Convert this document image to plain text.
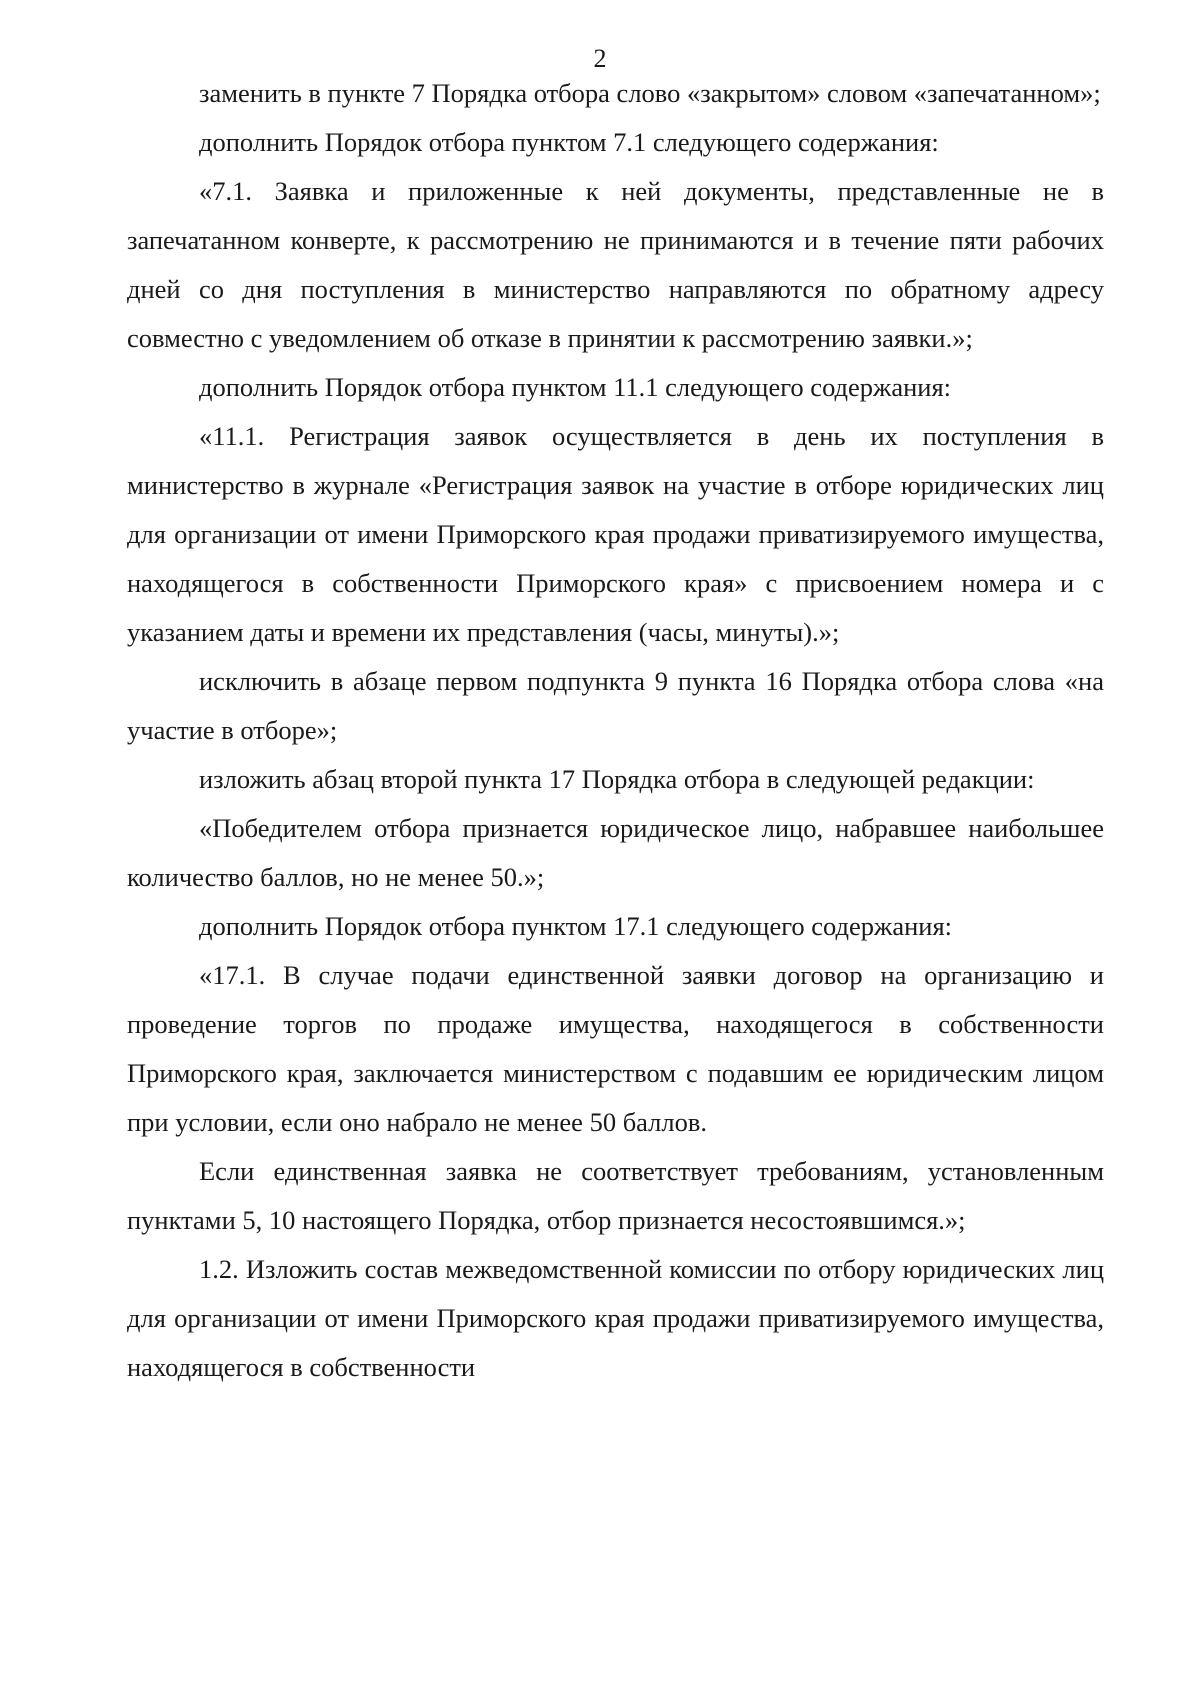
2

заменить в пункте 7 Порядка отбора слово «закрытом» словом «запечатанном»;

дополнить Порядок отбора пунктом 7.1 следующего содержания:

«7.1. Заявка и приложенные к ней документы, представленные не в запечатанном конверте, к рассмотрению не принимаются и в течение пяти рабочих дней со дня поступления в министерство направляются по обратному адресу совместно с уведомлением об отказе в принятии к рассмотрению заявки.»;

дополнить Порядок отбора пунктом 11.1 следующего содержания:

«11.1. Регистрация заявок осуществляется в день их поступления в министерство в журнале «Регистрация заявок на участие в отборе юридических лиц для организации от имени Приморского края продажи приватизируемого имущества, находящегося в собственности Приморского края» с присвоением номера и с указанием даты и времени их представления (часы, минуты).»;

исключить в абзаце первом подпункта 9 пункта 16 Порядка отбора слова «на участие в отборе»;

изложить абзац второй пункта 17 Порядка отбора в следующей редакции:

«Победителем отбора признается юридическое лицо, набравшее наибольшее количество баллов, но не менее 50.»;

дополнить Порядок отбора пунктом 17.1 следующего содержания:

«17.1. В случае подачи единственной заявки договор на организацию и проведение торгов по продаже имущества, находящегося в собственности Приморского края, заключается министерством с подавшим ее юридическим лицом при условии, если оно набрало не менее 50 баллов.

Если единственная заявка не соответствует требованиям, установленным пунктами 5, 10 настоящего Порядка, отбор признается несостоявшимся.»;

1.2. Изложить состав межведомственной комиссии по отбору юридических лиц для организации от имени Приморского края продажи приватизируемого имущества, находящегося в собственности
